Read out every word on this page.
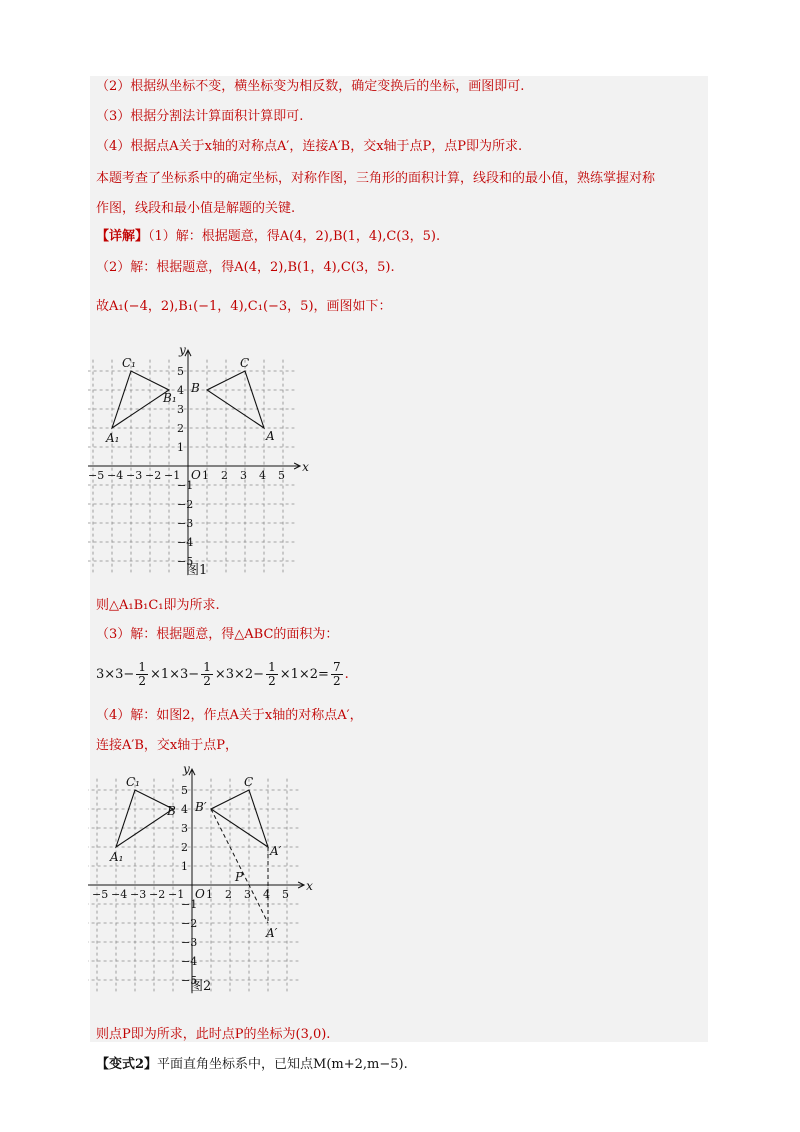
（2）根据纵坐标不变，横坐标变为相反数，确定变换后的坐标，画图即可.
（3）根据分割法计算面积计算即可.
（4）根据点A关于x轴的对称点A′，连接A′B，交x轴于点P，点P即为所求.
本题考查了坐标系中的确定坐标，对称作图，三角形的面积计算，线段和的最小值，熟练掌握对称
作图，线段和最小值是解题的关键.
【详解】（1）解：根据题意，得A(4，2),B(1，4),C(3，5).
（2）解：根据题意，得A(4，2),B(1，4),C(3，5).
故A₁(−4，2),B₁(−1，4),C₁(−3，5)，画图如下：
−5 −4 −3 −2 −1 1 2 3 4 5
5
4
3
2
1
−1
−2
−3
−4
−5
O
x
y
A
B
C
A₁
B₁
C₁
图1
则△A₁B₁C₁即为所求.
（3）解：根据题意，得△ABC的面积为：
$3\times 3- \frac{1}{2} \times 1\times 3- \frac{1}{2} \times 3\times 2- \frac{1}{2} \times 1\times 2= \frac{7}{2}$ .
（4）解：如图2，作点A关于x轴的对称点A′，
连接A′B，交x轴于点P，
−5 −4 −3 −2 −1 1 2 3 4 5
5
4
3
2
1
−1
−2
−3
−4
−5
O
x
y
A′
B′
C
A₁
B
C₁
P
A′
图2
则点P即为所求，此时点P的坐标为(3,0).
【变式2】平面直角坐标系中，已知点M(m+2,m−5).
